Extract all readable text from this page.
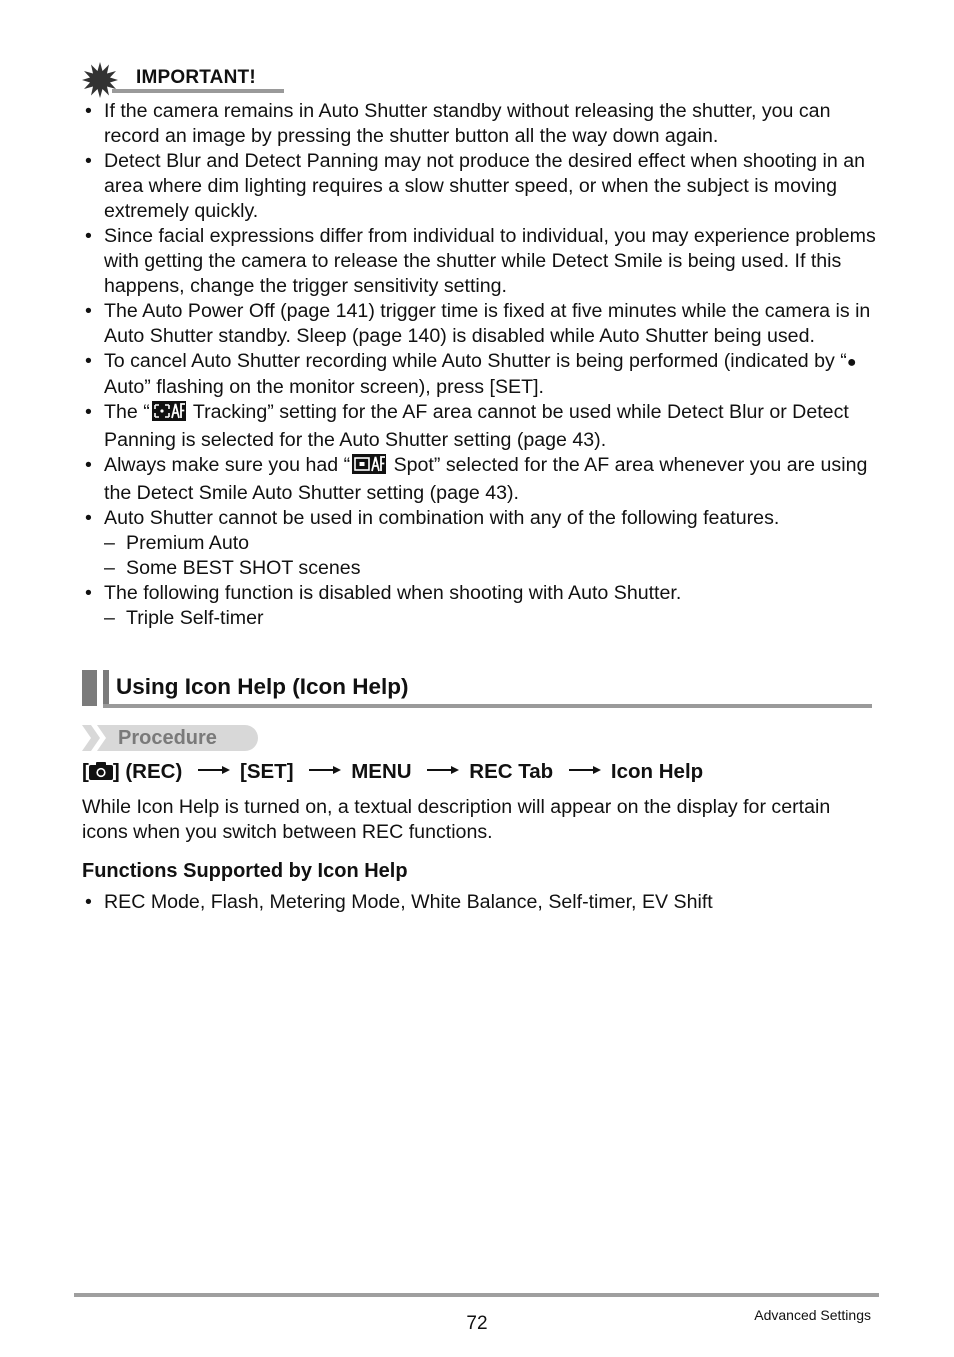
IMPORTANT!
• If the camera remains in Auto Shutter standby without releasing the shutter, you can record an image by pressing the shutter button all the way down again.
• Detect Blur and Detect Panning may not produce the desired effect when shooting in an area where dim lighting requires a slow shutter speed, or when the subject is moving extremely quickly.
• Since facial expressions differ from individual to individual, you may experience problems with getting the camera to release the shutter while Detect Smile is being used. If this happens, change the trigger sensitivity setting.
• The Auto Power Off (page 141) trigger time is fixed at five minutes while the camera is in Auto Shutter standby. Sleep (page 140) is disabled while Auto Shutter being used.
• To cancel Auto Shutter recording while Auto Shutter is being performed (indicated by “● Auto” flashing on the monitor screen), press [SET].
• The “ Tracking” setting for the AF area cannot be used while Detect Blur or Detect Panning is selected for the Auto Shutter setting (page 43).
• Always make sure you had “ Spot” selected for the AF area whenever you are using the Detect Smile Auto Shutter setting (page 43).
• Auto Shutter cannot be used in combination with any of the following features.
– Premium Auto
– Some BEST SHOT scenes
• The following function is disabled when shooting with Auto Shutter.
– Triple Self-timer
Using Icon Help (Icon Help)
Procedure
[ ] (REC)	[SET]	MENU	REC Tab	Icon Help
While Icon Help is turned on, a textual description will appear on the display for certain icons when you switch between REC functions.
Functions Supported by Icon Help
• REC Mode, Flash, Metering Mode, White Balance, Self-timer, EV Shift
72	Advanced Settings
